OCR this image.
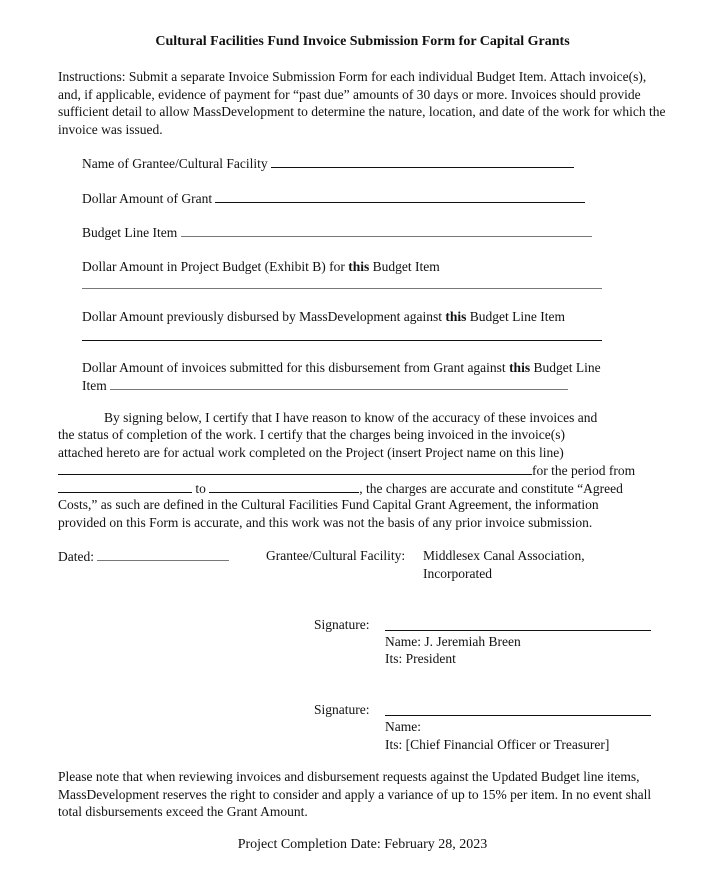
Cultural Facilities Fund Invoice Submission Form for Capital Grants

Instructions: Submit a separate Invoice Submission Form for each individual Budget Item. Attach invoice(s), and, if applicable, evidence of payment for “past due” amounts of 30 days or more. Invoices should provide sufficient detail to allow MassDevelopment to determine the nature, location, and date of the work for which the invoice was issued.

Name of Grantee/Cultural Facility
Dollar Amount of Grant
Budget Line Item
Dollar Amount in Project Budget (Exhibit B) for this Budget Item
Dollar Amount previously disbursed by MassDevelopment against this Budget Line Item
Dollar Amount of invoices submitted for this disbursement from Grant against this Budget Line
Item
By signing below, I certify that I have reason to know of the accuracy of these invoices and
the status of completion of the work. I certify that the charges being invoiced in the invoice(s)
attached hereto are for actual work completed on the Project (insert Project name on this line)
for the period from
to	, the charges are accurate and constitute “Agreed
Costs,” as such are defined in the Cultural Facilities Fund Capital Grant Agreement, the information
provided on this Form is accurate, and this work was not the basis of any prior invoice submission.
Dated:	Grantee/Cultural Facility: Middlesex Canal Association,
Incorporated
Signature:
Name: J. Jeremiah Breen
Its: President
Signature:
Name:
Its: [Chief Financial Officer or Treasurer]

Please note that when reviewing invoices and disbursement requests against the Updated Budget line items, MassDevelopment reserves the right to consider and apply a variance of up to 15% per item. In no event shall total disbursements exceed the Grant Amount.

Project Completion Date: February 28, 2023
